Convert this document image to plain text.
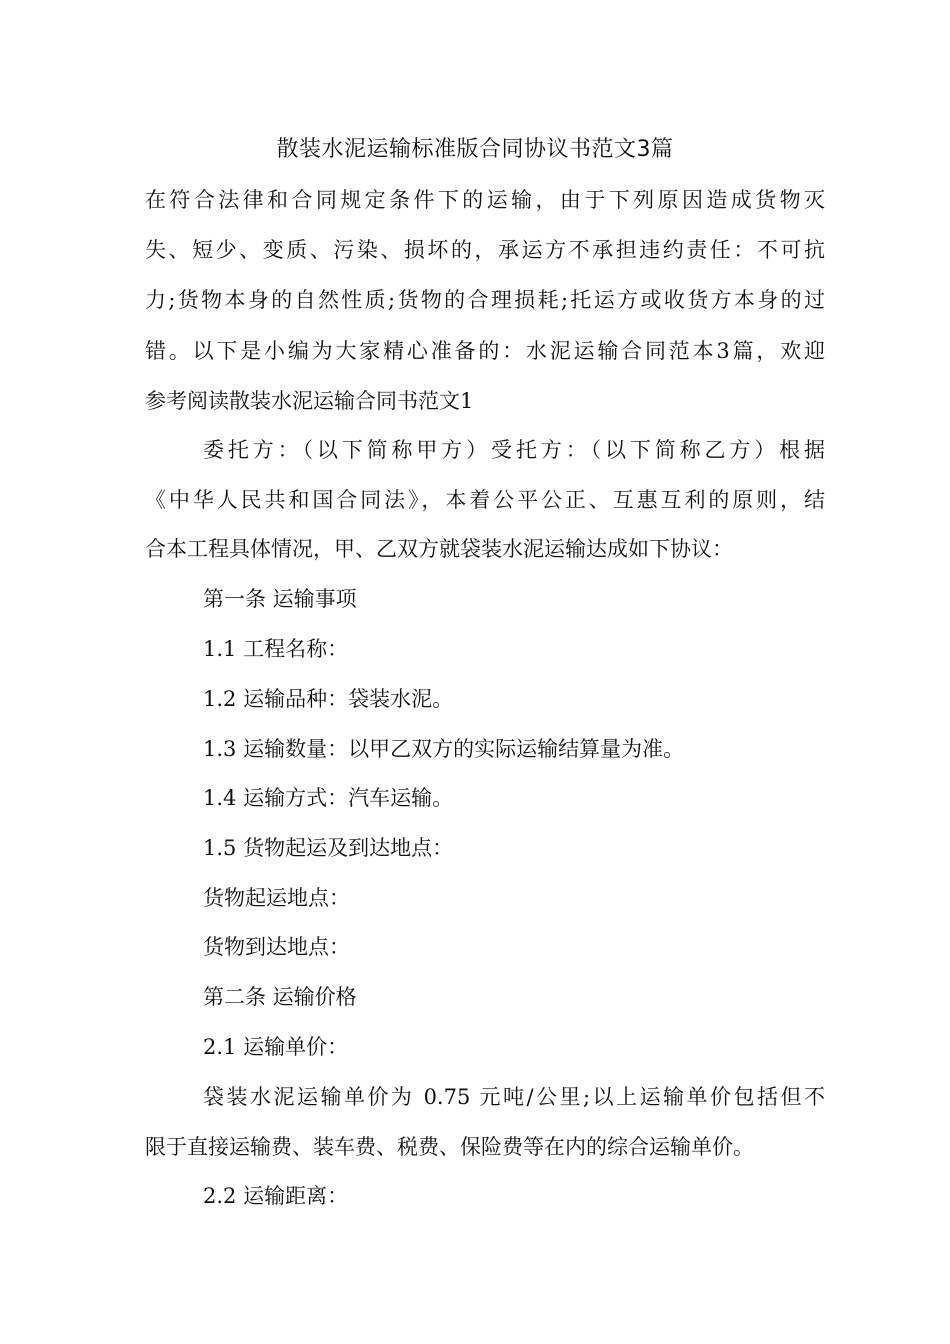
散装水泥运输标准版合同协议书范文3篇
在符合法律和合同规定条件下的运输，由于下列原因造成货物灭
失、短少、变质、污染、损坏的，承运方不承担违约责任：不可抗
力;货物本身的自然性质;货物的合理损耗;托运方或收货方本身的过
错。以下是小编为大家精心准备的：水泥运输合同范本3篇，欢迎
参考阅读散装水泥运输合同书范文1
委托方：（以下简称甲方）受托方：（以下简称乙方）根据
《中华人民共和国合同法》，本着公平公正、互惠互利的原则，结
合本工程具体情况，甲、乙双方就袋装水泥运输达成如下协议：
第一条 运输事项
1.1 工程名称：
1.2 运输品种：袋装水泥。
1.3 运输数量：以甲乙双方的实际运输结算量为准。
1.4 运输方式：汽车运输。
1.5 货物起运及到达地点：
货物起运地点：
货物到达地点：
第二条 运输价格
2.1 运输单价：
袋装水泥运输单价为 0.75 元吨/公里;以上运输单价包括但不
限于直接运输费、装车费、税费、保险费等在内的综合运输单价。
2.2 运输距离：
